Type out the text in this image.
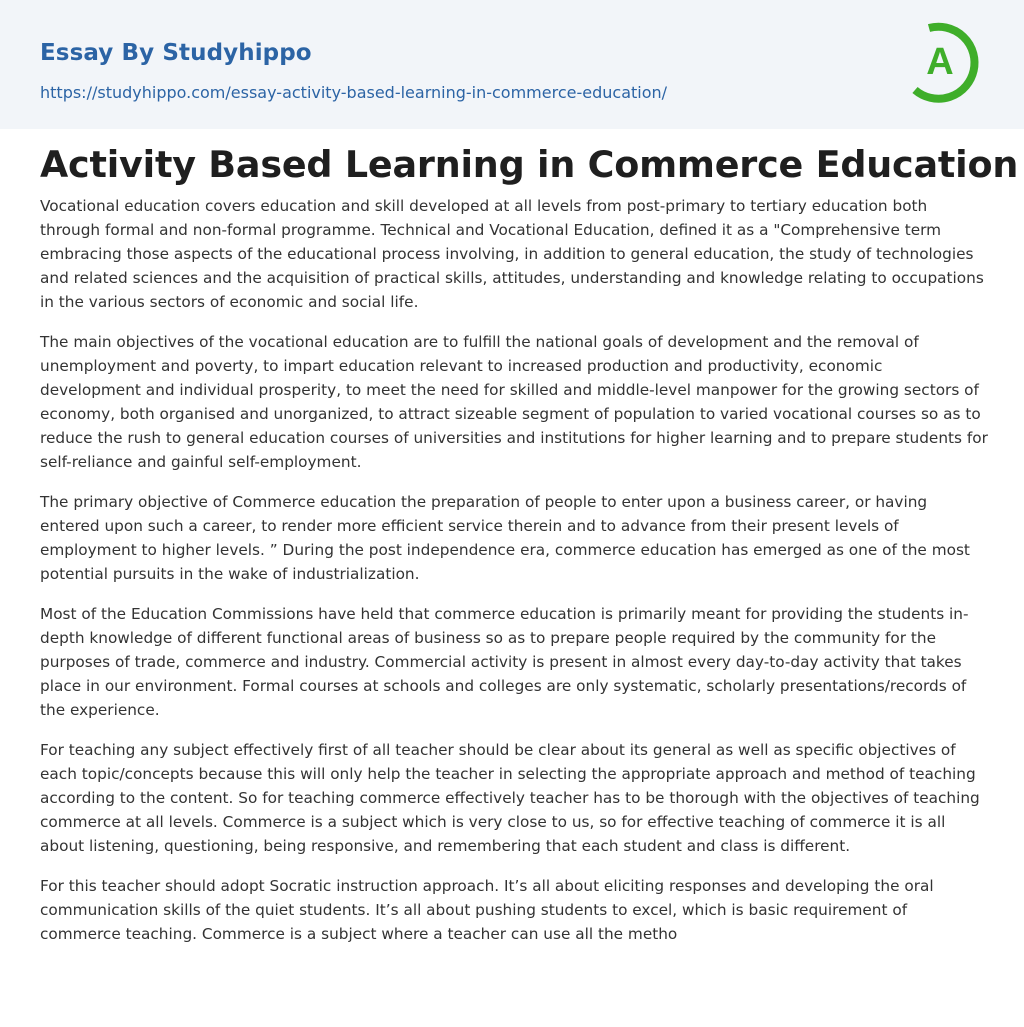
Essay By Studyhippo
https://studyhippo.com/essay-activity-based-learning-in-commerce-education/
A
Activity Based Learning in Commerce Education

Vocational education covers education and skill developed at all levels from post-primary to tertiary education both through formal and non-formal programme. Technical and Vocational Education, defined it as a "Comprehensive term embracing those aspects of the educational process involving, in addition to general education, the study of technologies and related sciences and the acquisition of practical skills, attitudes, understanding and knowledge relating to occupations in the various sectors of economic and social life.

The main objectives of the vocational education are to fulfill the national goals of development and the removal of unemployment and poverty, to impart education relevant to increased production and productivity, economic development and individual prosperity, to meet the need for skilled and middle-level manpower for the growing sectors of economy, both organised and unorganized, to attract sizeable segment of population to varied vocational courses so as to reduce the rush to general education courses of universities and institutions for higher learning and to prepare students for self-reliance and gainful self-employment.

The primary objective of Commerce education the preparation of people to enter upon a business career, or having entered upon such a career, to render more efficient service therein and to advance from their present levels of employment to higher levels. ” During the post independence era, commerce education has emerged as one of the most potential pursuits in the wake of industrialization.

Most of the Education Commissions have held that commerce education is primarily meant for providing the students in-depth knowledge of different functional areas of business so as to prepare people required by the community for the purposes of trade, commerce and industry. Commercial activity is present in almost every day-to-day activity that takes place in our environment. Formal courses at schools and colleges are only systematic, scholarly presentations/records of the experience.

For teaching any subject effectively first of all teacher should be clear about its general as well as specific objectives of each topic/concepts because this will only help the teacher in selecting the appropriate approach and method of teaching according to the content. So for teaching commerce effectively teacher has to be thorough with the objectives of teaching commerce at all levels. Commerce is a subject which is very close to us, so for effective teaching of commerce it is all about listening, questioning, being responsive, and remembering that each student and class is different.

For this teacher should adopt Socratic instruction approach. It’s all about eliciting responses and developing the oral communication skills of the quiet students. It’s all about pushing students to excel, which is basic requirement of commerce teaching. Commerce is a subject where a teacher can use all the metho
